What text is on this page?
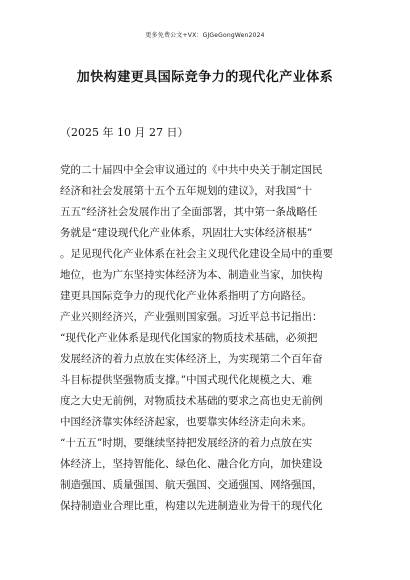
更多免费公文+VX：GJGeGongWen2024
加快构建更具国际竞争力的现代化产业体系
（2025 年 10 月 27 日）
党的二十届四中全会审议通过的《中共中央关于制定国民
经济和社会发展第十五个五年规划的建议》，对我国“十
五五”经济社会发展作出了全面部署，其中第一条战略任
务就是“建设现代化产业体系，巩固壮大实体经济根基”
。足见现代化产业体系在社会主义现代化建设全局中的重要
地位，也为广东坚持实体经济为本、制造业当家，加快构
建更具国际竞争力的现代化产业体系指明了方向路径。
产业兴则经济兴，产业强则国家强。习近平总书记指出：
“现代化产业体系是现代化国家的物质技术基础，必须把
发展经济的着力点放在实体经济上，为实现第二个百年奋
斗目标提供坚强物质支撑。”中国式现代化规模之大、难
度之大史无前例，对物质技术基础的要求之高也史无前例
中国经济靠实体经济起家，也要靠实体经济走向未来。
“十五五”时期，要继续坚持把发展经济的着力点放在实
体经济上，坚持智能化、绿色化、融合化方向，加快建设
制造强国、质量强国、航天强国、交通强国、网络强国，
保持制造业合理比重，构建以先进制造业为骨干的现代化
